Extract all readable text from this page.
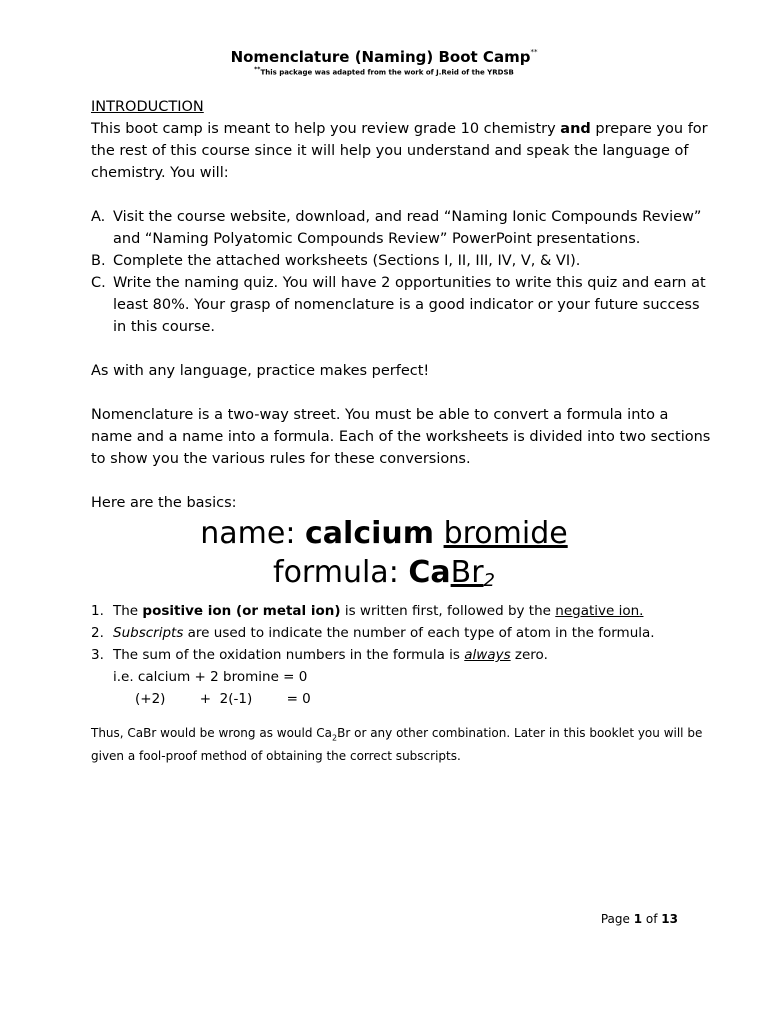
Nomenclature (Naming) Boot Camp**
**This package was adapted from the work of J.Reid of the YRDSB

INTRODUCTION

This boot camp is meant to help you review grade 10 chemistry and prepare you for the rest of this course since it will help you understand and speak the language of chemistry. You will:

A. Visit the course website, download, and read “Naming Ionic Compounds Review” and “Naming Polyatomic Compounds Review” PowerPoint presentations.
B. Complete the attached worksheets (Sections I, II, III, IV, V, & VI).
C. Write the naming quiz. You will have 2 opportunities to write this quiz and earn at least 80%. Your grasp of nomenclature is a good indicator or your future success in this course.

As with any language, practice makes perfect!

Nomenclature is a two-way street. You must be able to convert a formula into a name and a name into a formula. Each of the worksheets is divided into two sections to show you the various rules for these conversions.

Here are the basics:

name: calcium bromide
formula: CaBr$_2$
1. The positive ion (or metal ion) is written first, followed by the negative ion.
2. Subscripts are used to indicate the number of each type of atom in the formula.
3. The sum of the oxidation numbers in the formula is always zero.

i.e. calcium + 2 bromine = 0

(+2)        +  2(-1)        = 0

Thus, CaBr would be wrong as would $Ca_2Br$ or any other combination. Later in this booklet you will be given a fool-proof method of obtaining the correct subscripts.

Page 1 of 13
